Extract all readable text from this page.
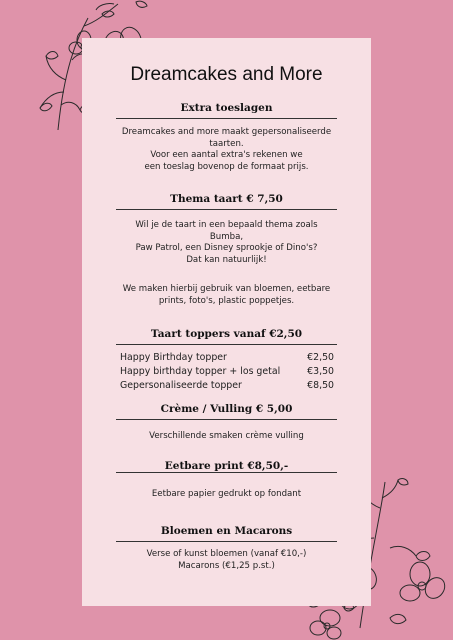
Dreamcakes and More
Extra toeslagen
Dreamcakes and more maakt gepersonaliseerde
taarten.
Voor een aantal extra's rekenen we
een toeslag bovenop de formaat prijs.
Thema taart € 7,50
Wil je de taart in een bepaald thema zoals
Bumba,
Paw Patrol, een Disney sprookje of Dino's?
Dat kan natuurlijk!
We maken hierbij gebruik van bloemen, eetbare
prints, foto's, plastic poppetjes.
Taart toppers vanaf €2,50
Happy Birthday topper	€2,50
Happy birthday topper + los getal	€3,50
Gepersonaliseerde topper	€8,50
Crème / Vulling € 5,00
Verschillende smaken crème vulling
Eetbare print €8,50,-
Eetbare papier gedrukt op fondant
Bloemen en Macarons
Verse of kunst bloemen (vanaf €10,-)
Macarons (€1,25 p.st.)
